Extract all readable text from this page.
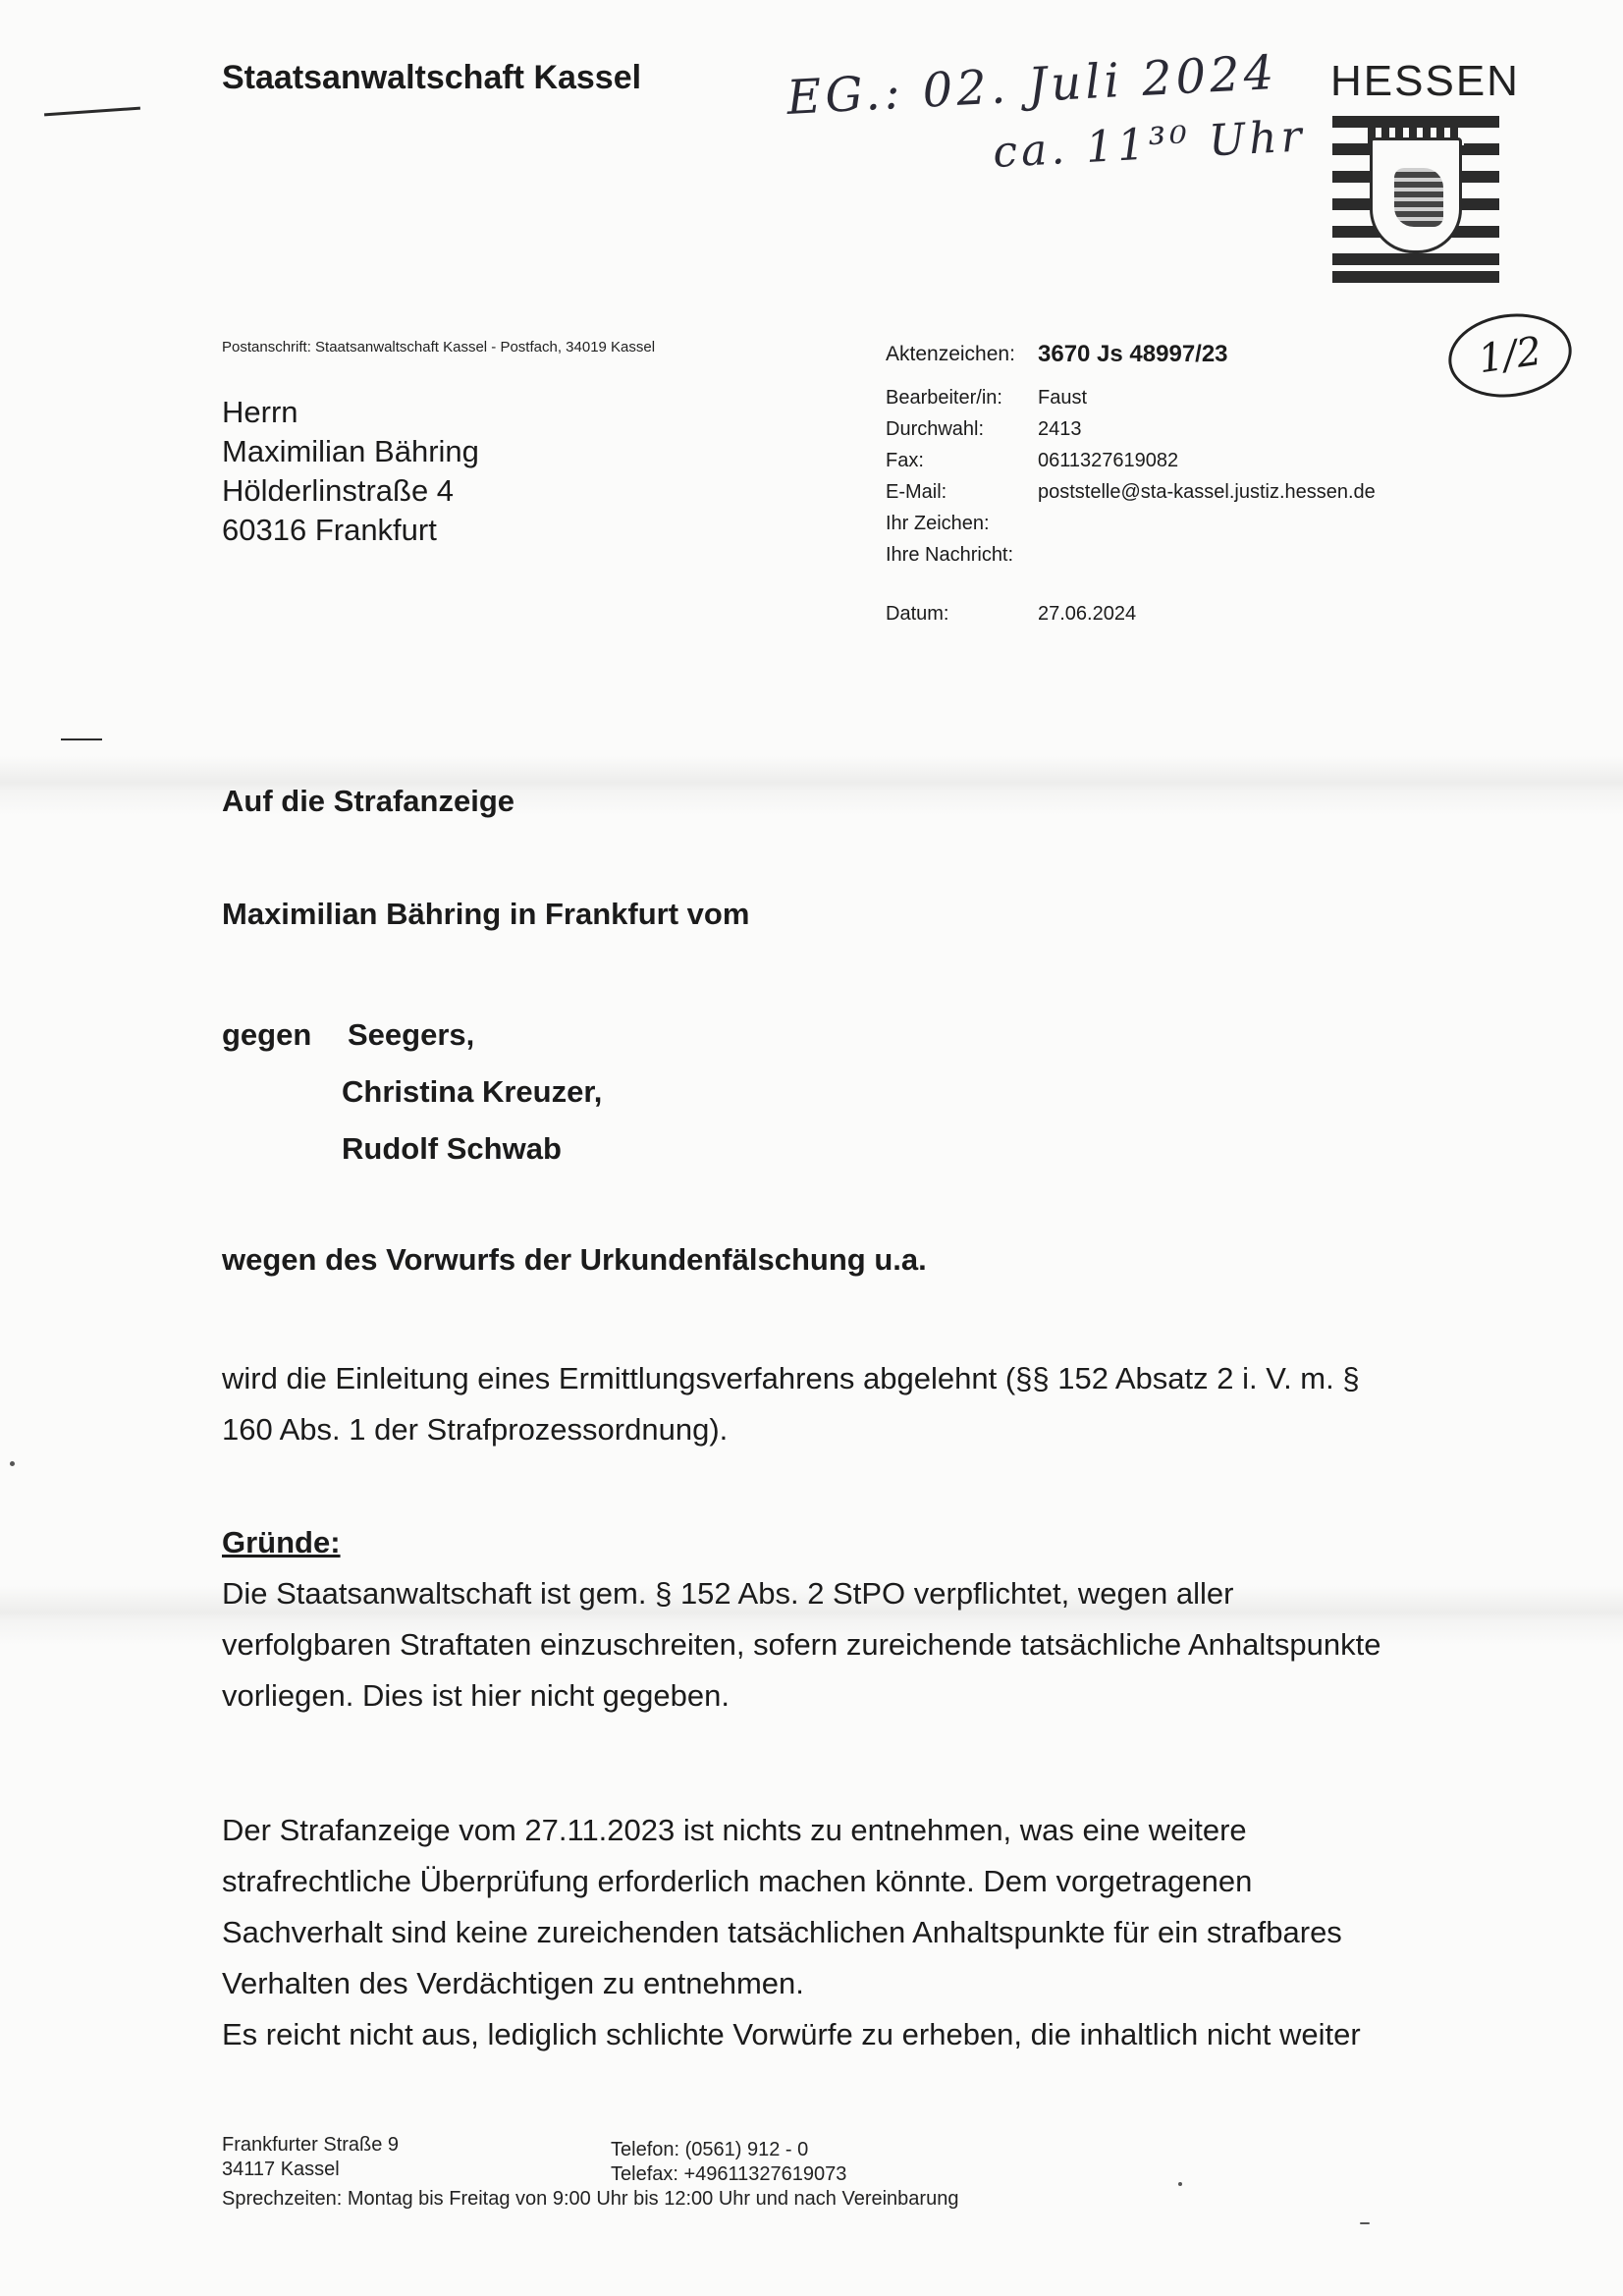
Staatsanwaltschaft Kassel	EG.: 02. Juli 2024
ca. 11³⁰ Uhr
HESSEN
1/2
Postanschrift: Staatsanwaltschaft Kassel - Postfach, 34019 Kassel
Herrn
Maximilian Bähring
Hölderlinstraße 4
60316 Frankfurt
Aktenzeichen: 3670 Js 48997/23
Bearbeiter/in:	Faust
Durchwahl:	2413
Fax:	0611327619082
E-Mail:	poststelle@sta-kassel.justiz.hessen.de
Ihr Zeichen:
Ihre Nachricht:
Datum:	27.06.2024
Auf die Strafanzeige
Maximilian Bähring in Frankfurt vom
gegen Seegers,
Christina Kreuzer,
Rudolf Schwab
wegen des Vorwurfs der Urkundenfälschung u.a.
wird die Einleitung eines Ermittlungsverfahrens abgelehnt (§§ 152 Absatz 2 i. V. m. §
160 Abs. 1 der Strafprozessordnung).
Gründe:
Die Staatsanwaltschaft ist gem. § 152 Abs. 2 StPO verpflichtet, wegen aller
verfolgbaren Straftaten einzuschreiten, sofern zureichende tatsächliche Anhaltspunkte
vorliegen. Dies ist hier nicht gegeben.
Der Strafanzeige vom 27.11.2023 ist nichts zu entnehmen, was eine weitere
strafrechtliche Überprüfung erforderlich machen könnte. Dem vorgetragenen
Sachverhalt sind keine zureichenden tatsächlichen Anhaltspunkte für ein strafbares
Verhalten des Verdächtigen zu entnehmen.
Es reicht nicht aus, lediglich schlichte Vorwürfe zu erheben, die inhaltlich nicht weiter
Frankfurter Straße 9
34117 Kassel
Telefon: (0561) 912 - 0
Telefax: +49611327619073
Sprechzeiten: Montag bis Freitag von 9:00 Uhr bis 12:00 Uhr und nach Vereinbarung
